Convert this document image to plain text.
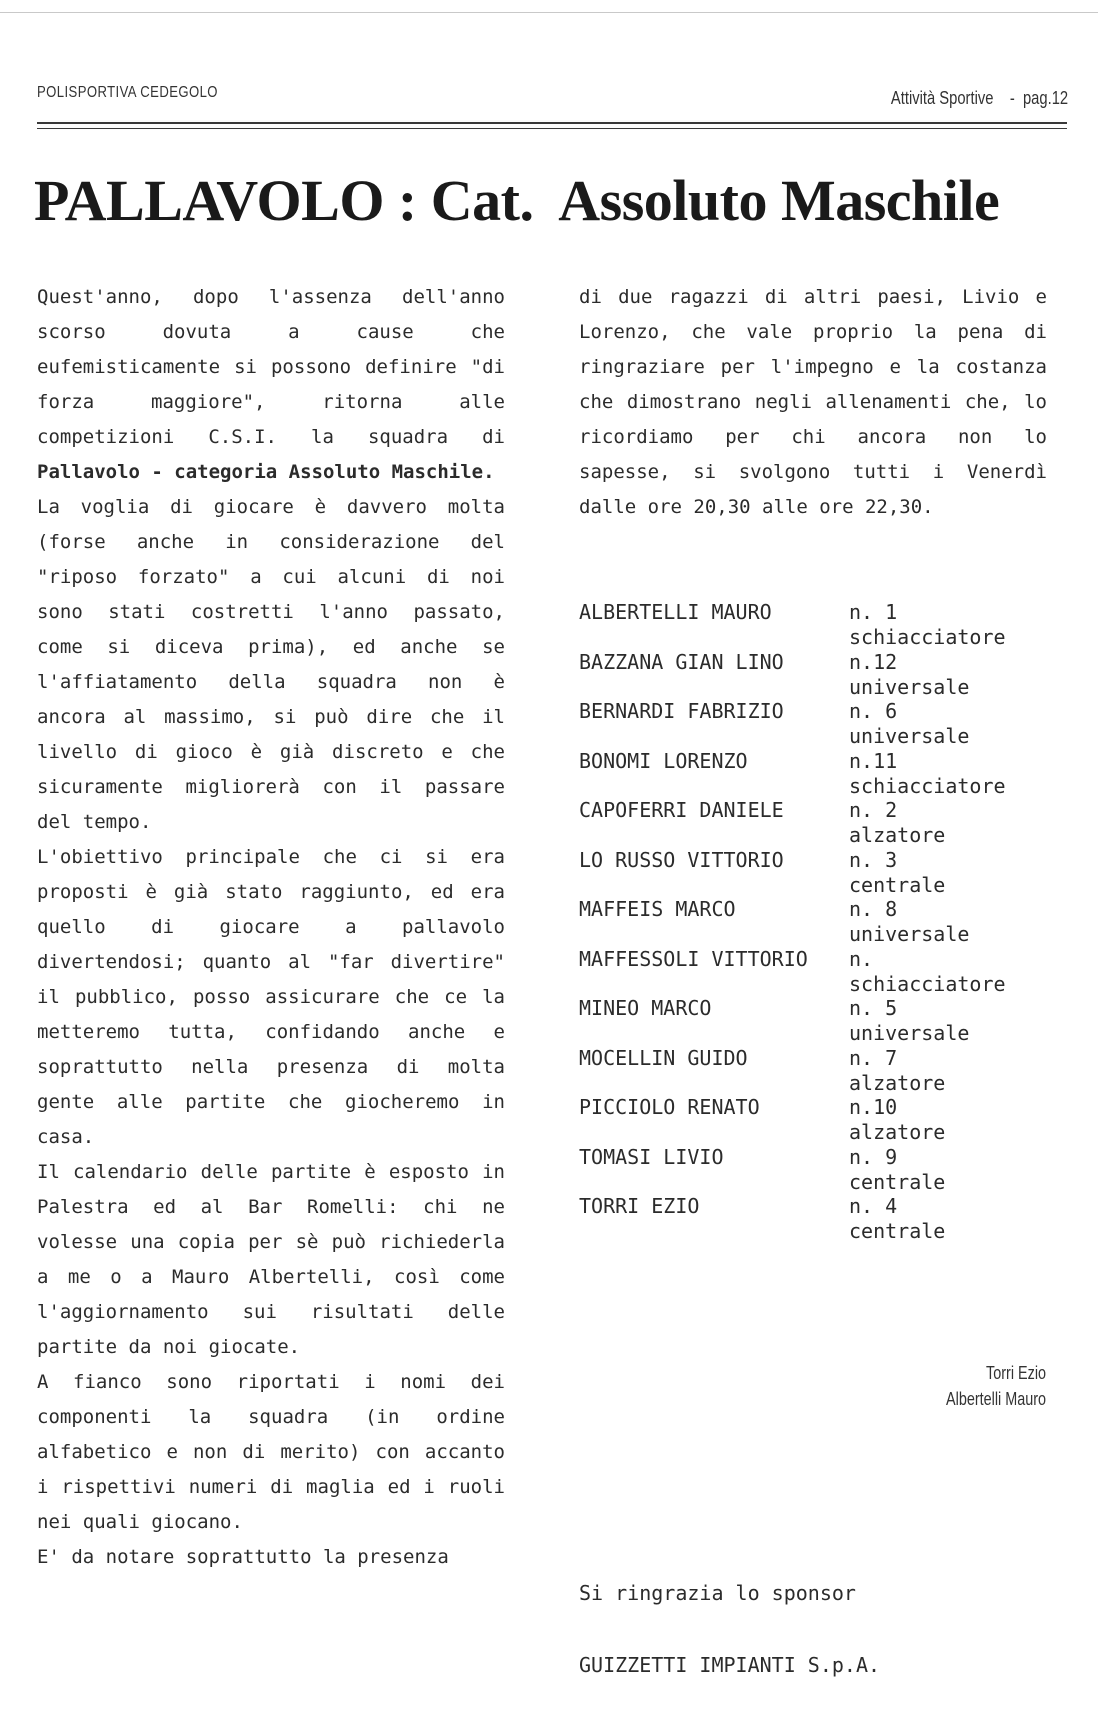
POLISPORTIVA CEDEGOLO	Attività Sportive    -  pag.12
PALLAVOLO : Cat.  Assoluto Maschile

Quest'anno, dopo l'assenza dell'anno scorso dovuta a cause che eufemisticamente si possono definire "di forza maggiore", ritorna alle competizioni C.S.I. la squadra di Pallavolo - categoria Assoluto Maschile.

La voglia di giocare è davvero molta (forse anche in considerazione del "riposo forzato" a cui alcuni di noi sono stati costretti l'anno passato, come si diceva prima), ed anche se l'affiatamento della squadra non è ancora al massimo, si può dire che il livello di gioco è già discreto e che sicuramente migliorerà con il passare del tempo.

L'obiettivo principale che ci si era proposti è già stato raggiunto, ed era quello di giocare a pallavolo divertendosi; quanto al "far divertire" il pubblico, posso assicurare che ce la metteremo tutta, confidando anche e soprattutto nella presenza di molta gente alle partite che giocheremo in casa.

Il calendario delle partite è esposto in Palestra ed al Bar Romelli: chi ne volesse una copia per sè può richiederla a me o a Mauro Albertelli, così come l'aggiornamento sui risultati delle partite da noi giocate.

A fianco sono riportati i nomi dei componenti la squadra (in ordine alfabetico e non di merito) con accanto i rispettivi numeri di maglia ed i ruoli nei quali giocano.

E' da notare soprattutto la presenza

di due ragazzi di altri paesi, Livio e Lorenzo, che vale proprio la pena di ringraziare per l'impegno e la costanza che dimostrano negli allenamenti che, lo ricordiamo per chi ancora non lo sapesse, si svolgono tutti i Venerdì dalle ore 20,30 alle ore 22,30.

ALBERTELLI MAURO	n. 1
schiacciatore
BAZZANA GIAN LINO	n.12
universale
BERNARDI FABRIZIO	n. 6
universale
BONOMI LORENZO	n.11
schiacciatore
CAPOFERRI DANIELE	n. 2
alzatore
LO RUSSO VITTORIO	n. 3
centrale
MAFFEIS MARCO	n. 8
universale
MAFFESSOLI VITTORIO n.
schiacciatore
MINEO MARCO	n. 5
universale
MOCELLIN GUIDO	n. 7
alzatore
PICCIOLO RENATO	n.10
alzatore
TOMASI LIVIO	n. 9
centrale
TORRI EZIO	n. 4
centrale
Torri Ezio
Albertelli Mauro

Si ringrazia lo sponsor

GUIZZETTI IMPIANTI S.p.A.
